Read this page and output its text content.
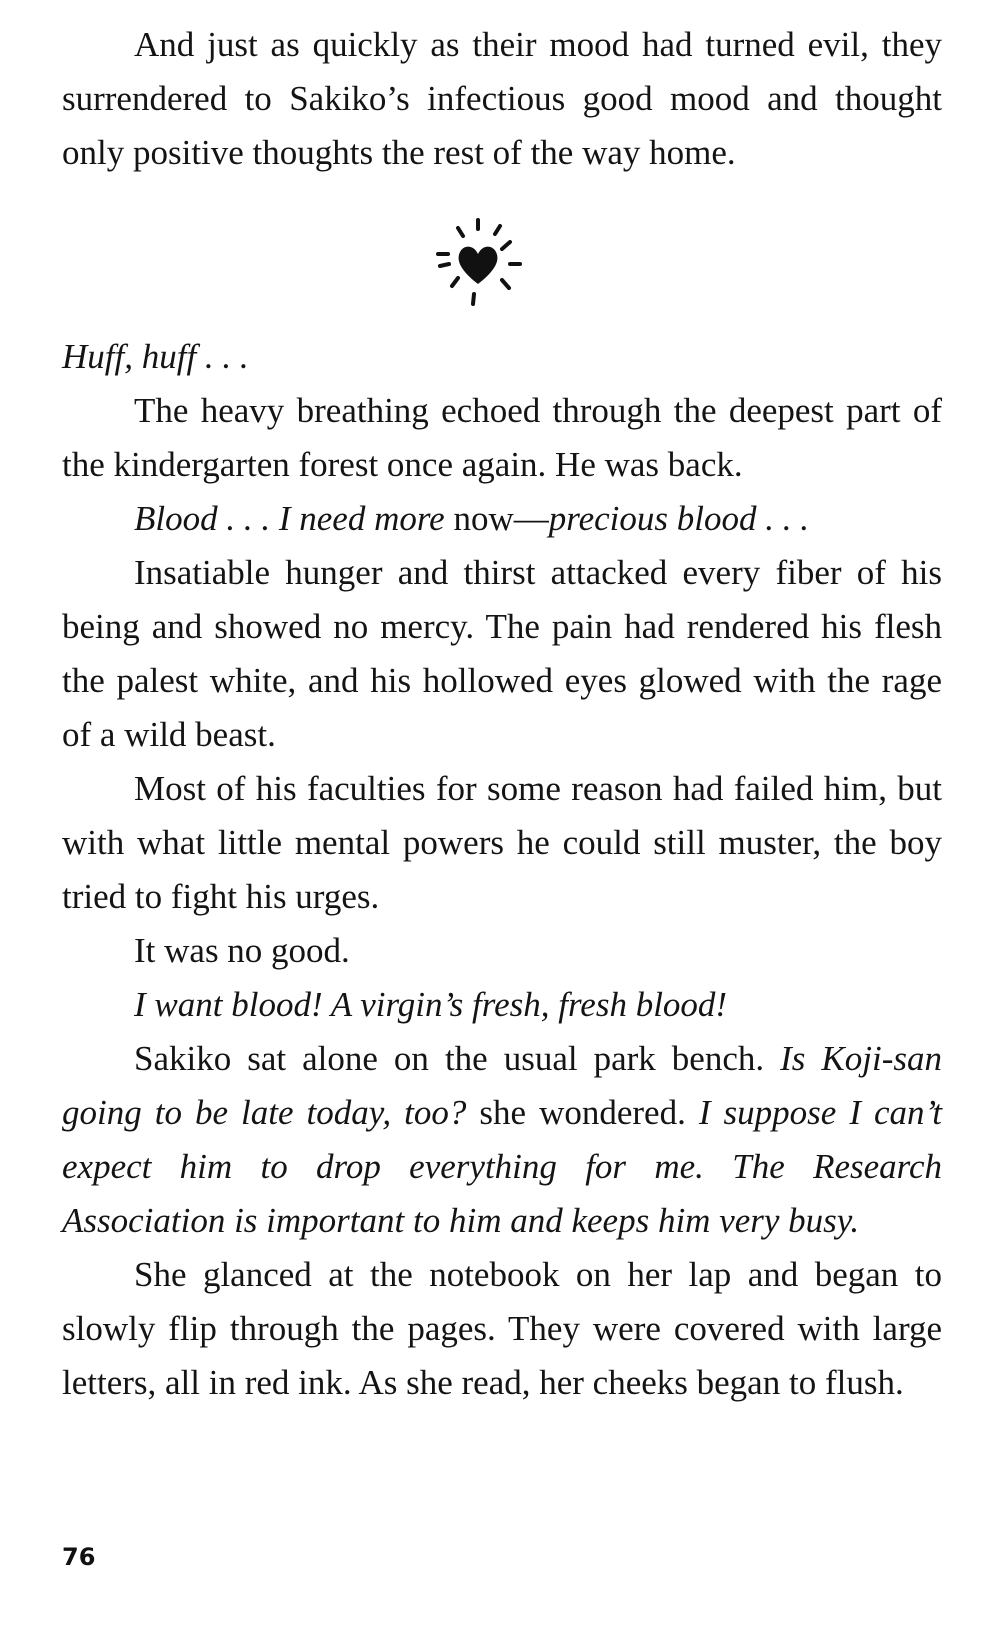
And just as quickly as their mood had turned evil, they surrendered to Sakiko’s infectious good mood and thought only positive thoughts the rest of the way home.

Huff, huff . . .

The heavy breathing echoed through the deepest part of the kindergarten forest once again. He was back.

Blood . . . I need more now—precious blood . . .

Insatiable hunger and thirst attacked every fiber of his being and showed no mercy. The pain had rendered his flesh the palest white, and his hollowed eyes glowed with the rage of a wild beast.

Most of his faculties for some reason had failed him, but with what little mental powers he could still muster, the boy tried to fight his urges.

It was no good.

I want blood! A virgin’s fresh, fresh blood!

Sakiko sat alone on the usual park bench. Is Koji-san going to be late today, too? she wondered. I suppose I can’t expect him to drop everything for me. The Research Association is important to him and keeps him very busy.

She glanced at the notebook on her lap and began to slowly flip through the pages. They were covered with large letters, all in red ink. As she read, her cheeks began to flush.

76
